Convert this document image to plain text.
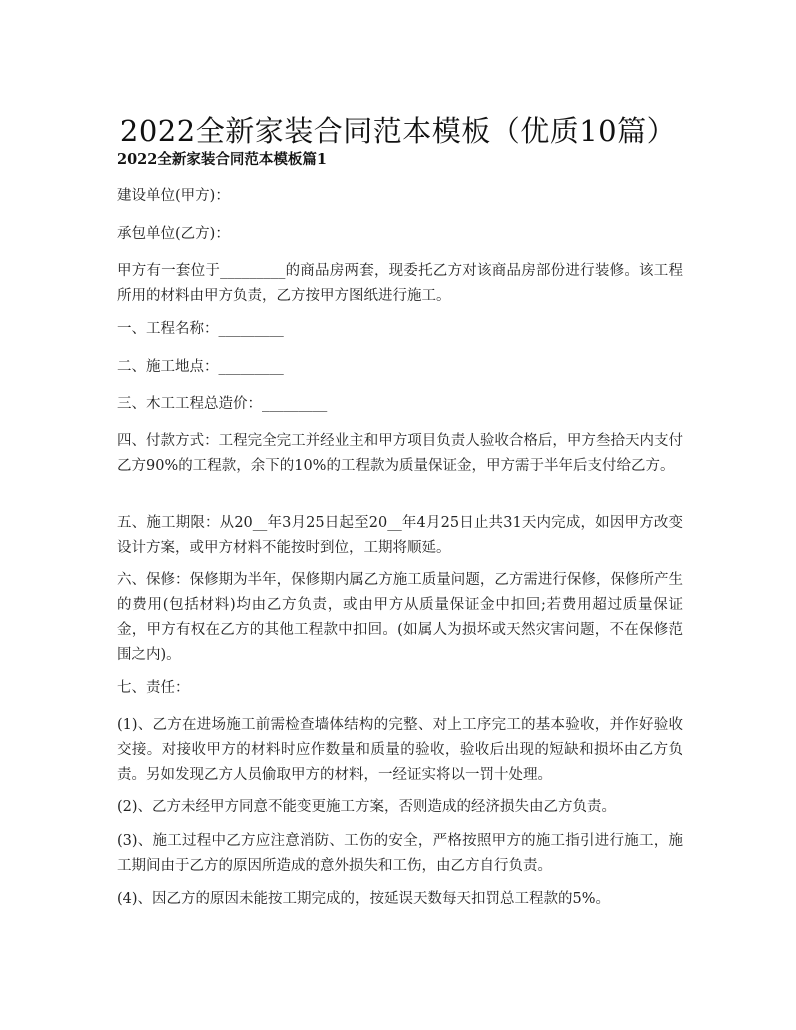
2022全新家装合同范本模板（优质10篇）
2022全新家装合同范本模板篇1

建设单位(甲方)：

承包单位(乙方)：

甲方有一套位于_________的商品房两套，现委托乙方对该商品房部份进行装修。该工程所用的材料由甲方负责，乙方按甲方图纸进行施工。

一、工程名称：_________

二、施工地点：_________

三、木工工程总造价：_________

四、付款方式：工程完全完工并经业主和甲方项目负责人验收合格后，甲方叁拾天内支付乙方90%的工程款，余下的10%的工程款为质量保证金，甲方需于半年后支付给乙方。

五、施工期限：从20__年3月25日起至20__年4月25日止共31天内完成，如因甲方改变设计方案，或甲方材料不能按时到位，工期将顺延。

六、保修：保修期为半年，保修期内属乙方施工质量问题，乙方需进行保修，保修所产生的费用(包括材料)均由乙方负责，或由甲方从质量保证金中扣回;若费用超过质量保证金，甲方有权在乙方的其他工程款中扣回。(如属人为损坏或天然灾害问题，不在保修范围之内)。

七、责任：

(1)、乙方在进场施工前需检查墙体结构的完整、对上工序完工的基本验收，并作好验收交接。对接收甲方的材料时应作数量和质量的验收，验收后出现的短缺和损坏由乙方负责。另如发现乙方人员偷取甲方的材料，一经证实将以一罚十处理。

(2)、乙方未经甲方同意不能变更施工方案，否则造成的经济损失由乙方负责。

(3)、施工过程中乙方应注意消防、工伤的安全，严格按照甲方的施工指引进行施工，施工期间由于乙方的原因所造成的意外损失和工伤，由乙方自行负责。

(4)、因乙方的原因未能按工期完成的，按延误天数每天扣罚总工程款的5%。
